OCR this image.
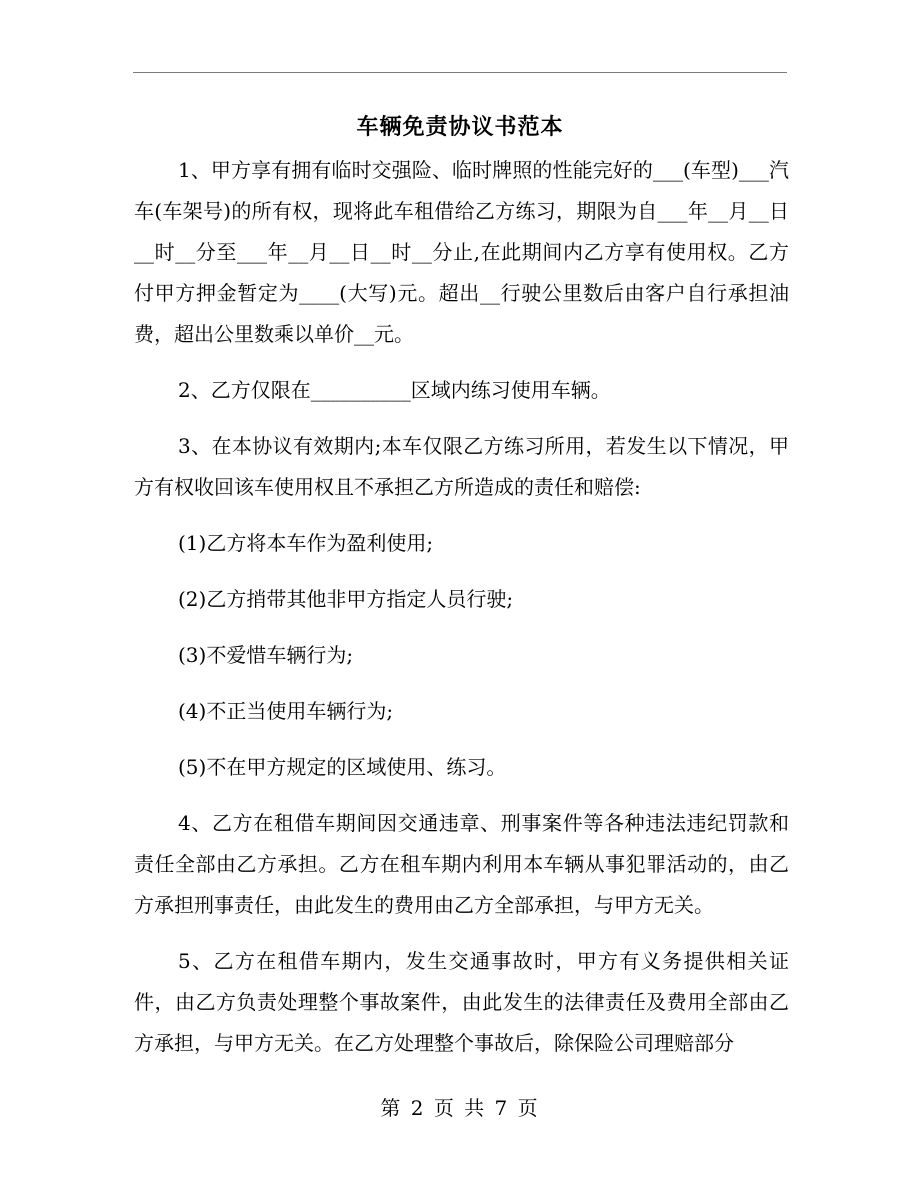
车辆免责协议书范本

1、甲方享有拥有临时交强险、临时牌照的性能完好的___(车型)___汽车(车架号)的所有权，现将此车租借给乙方练习，期限为自___年__月__日__时__分至___年__月__日__时__分止,在此期间内乙方享有使用权。乙方付甲方押金暂定为____(大写)元。超出__行驶公里数后由客户自行承担油费，超出公里数乘以单价__元。

2、乙方仅限在__________区域内练习使用车辆。

3、在本协议有效期内;本车仅限乙方练习所用，若发生以下情况，甲方有权收回该车使用权且不承担乙方所造成的责任和赔偿:

(1)乙方将本车作为盈利使用;

(2)乙方捎带其他非甲方指定人员行驶;

(3)不爱惜车辆行为;

(4)不正当使用车辆行为;

(5)不在甲方规定的区域使用、练习。

4、乙方在租借车期间因交通违章、刑事案件等各种违法违纪罚款和责任全部由乙方承担。乙方在租车期内利用本车辆从事犯罪活动的，由乙方承担刑事责任，由此发生的费用由乙方全部承担，与甲方无关。

5、乙方在租借车期内，发生交通事故时，甲方有义务提供相关证件，由乙方负责处理整个事故案件，由此发生的法律责任及费用全部由乙方承担，与甲方无关。在乙方处理整个事故后，除保险公司理赔部分

第 2 页 共 7 页
